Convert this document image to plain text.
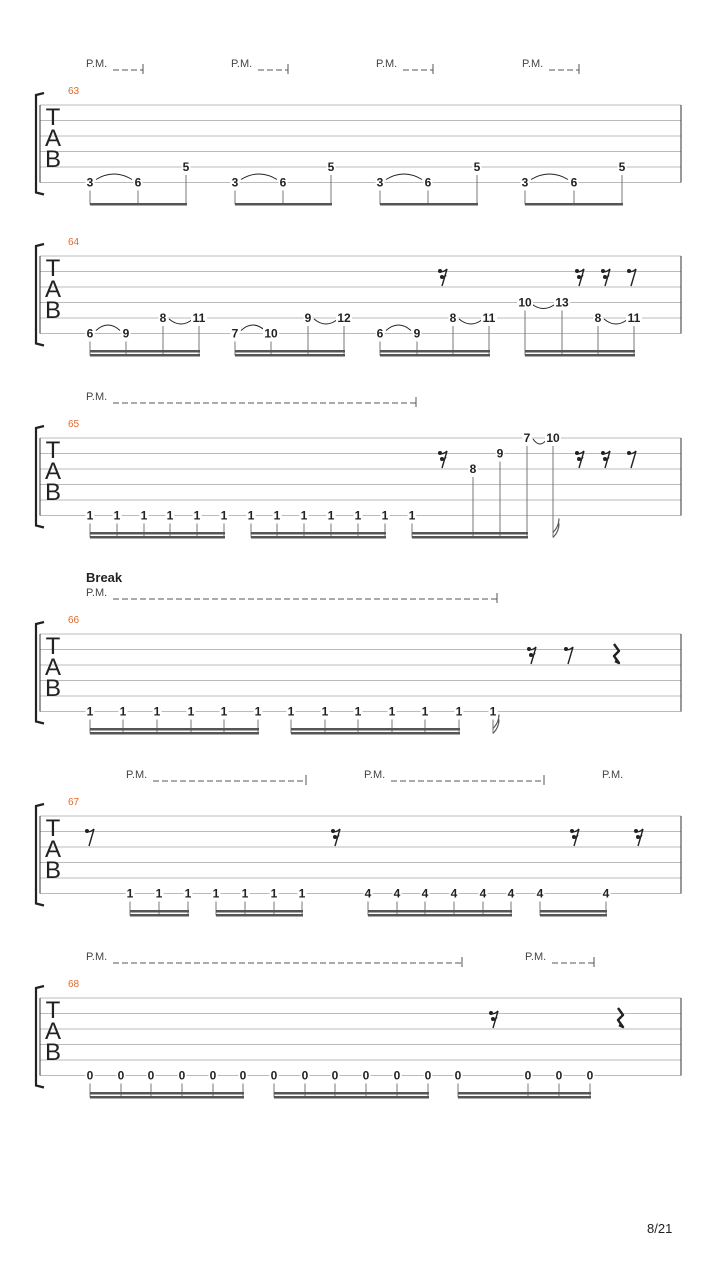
P.M.	P.M.	P.M.	P.M.
63
T
A
B
3	6
5
3	6
5
3	6
5
3	6
5
64
T
A
B
6 9
8 11
7 10
9 12
6	9
8 11
10 13
8 11
P.M.
65
T
A
B
1 1 1 1 1 1 1 1 1 1 1 1 1
8
9
7 10
Break
P.M.
66
T
A
B
1 1 1 1 1 1 1 1 1 1 1 1 1
P.M.	P.M.	P.M.
67
T
A
B
1 1 1 1 1 1 1	4 4 4 4 4 4 4	4
P.M.	P.M.
68
T
A
B
0 0 0 0 0 0 0 0 0 0 0 0 0	0 0 0
8/21
